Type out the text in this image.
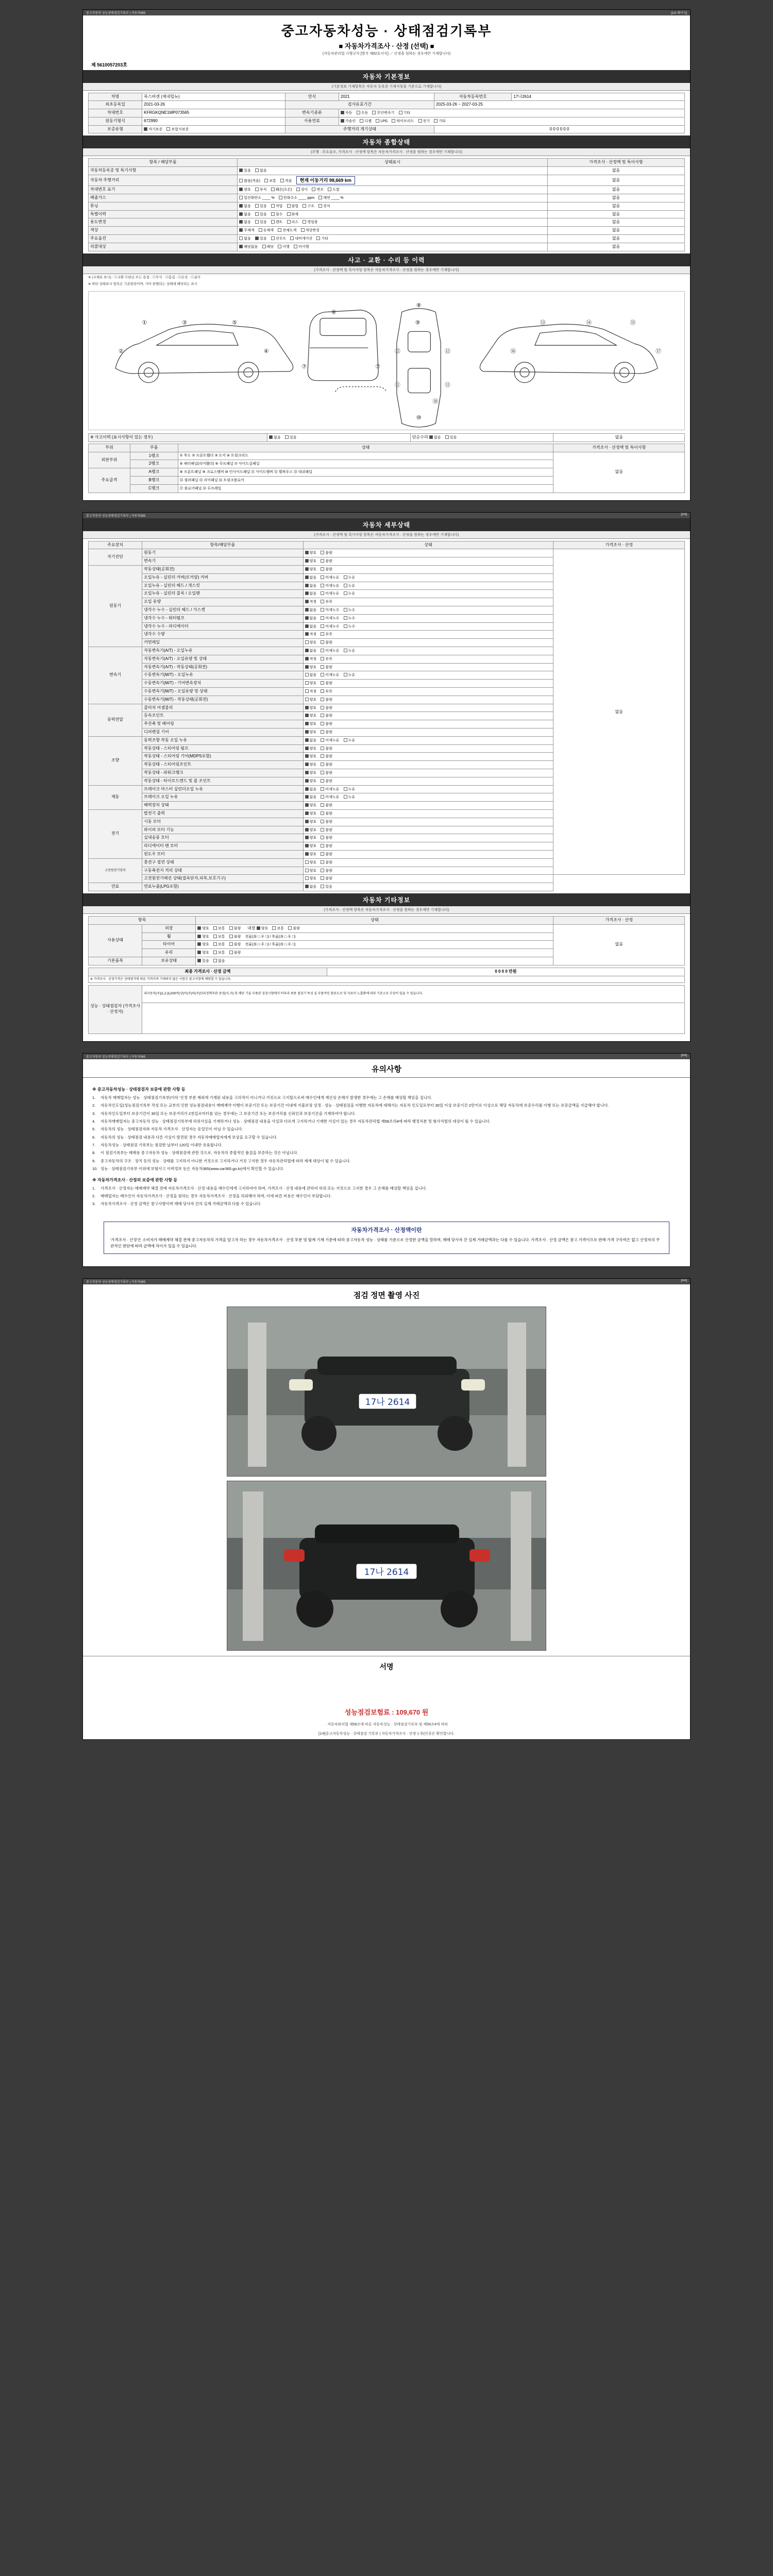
중고자동차 성능상태점검기록부 | 자동차365	[1/4 페이지]
중고자동차성능 · 상태점검기록부
■ 자동차가격조사 · 산정 (선택) ■
(자동차관리법 시행규칙 [별지 제82호서식] ／ 산정을 원하는 경우에만 기재합니다)
제 5610057203호
자동차 기본정보
(기본정보 기재항목은 자동차 등록증 기재사항을 기준으로 기재합니다)
차명	폭스바겐 (제네럴뉴)	연식	2021	자동차등록번호	17나2614
최초등록일	2021-03-26	검사유효기간		2025-03-26 ~ 2027-03-25	
차대번호	KFRGKQNE1MP073565	변속기종류	자동 수동 무단변속기 기타		
원동기형식	672990	사용연료	가솔린 디젤 LPG 하이브리드 전기 기타		
보증유형	자기보증 보험사보증	주행거리 계기상태		0 0 0 0 0 0	
자동차 종합상태
(주행 · 주요골조, 가격조사 · 산정액 항목은 자동차가격조사 · 산정을 원하는 경우에만 기재합니다)
항목 / 해당부품	상태표시	가격조사 · 산정액 및 특이사항
자동차등록증 및 특기사항	있음 없음	없음
자동차 주행거리	많음(적음) 보통 적음 현재 이동거리 98,669 km	없음
차대번호 표기	양호 부식 훼손(오손) 상이 변조 도말	없음
배출가스	일산화탄소 ____ % 탄화수소 ____ ppm 매연 ____ %	없음
튜닝	없음 있음 적법 불법 구조 장치	없음
특별이력	없음 있음 침수 화재	없음
용도변경	없음 있음 렌트 리스 영업용	없음
색상	무채색 유채색 전체도색 색상변경	없음
주요옵션	없음 있음 선루프 내비게이션 기타	없음
리콜대상	해당없음 해당 이행 미이행	없음
사고 · 교환 · 수리 등 이력
(가격조사 · 산정액 및 특이사항 항목은 자동차가격조사 · 산정을 원하는 경우에만 기재합니다)
※ (교체료 표시) : ⓧ교환 ⓦ판금 또는 용접 · ⓒ부식 · ⓐ흠집 · ⓤ손상 · ⓒ굴곡
※ 하단 상태표시 항목은 기준판단이며, 기타 판별되는 상태에 해당되는 표시
①	③	⑤
②	④
⑥
⑦	⑦
⑧
⑩
⑫	⑫
⑪	⑪
⑬	⑭	⑮
⑯	⑰
⑨
⑱
※ 사고이력 (표시사항이 있는 경우)	없음 있음	단순수리 없음 있음	없음
부위	부품	상태	가격조사 · 산정액 및 특이사항
외판부위	1랭크	① 후드 ② 프론트휀더 ③ 도어 ④ 트렁크리드	없음
	2랭크	⑤ 쿼터패널(리어휀더) ⑥ 루프패널 ⑦ 사이드실패널	
주요골격	A랭크	⑧ 프론트패널 ⑨ 크로스멤버 ⑩ 인사이드패널 ⑪ 사이드멤버 ⑫ 휠하우스 ⑬ 대쉬패널	
	B랭크	⑭ 필러패널 ⑮ 리어패널 ⑯ 트렁크플로어	
	C랭크	⑰ 플로어패널 ⑱ 루프레일	
중고자동차 성능상태점검기록부 | 자동차365	[2/4]
자동차 세부상태
(가격조사 · 산정액 및 특이사항 항목은 자동차가격조사 · 산정을 원하는 경우에만 기재합니다)
주요장치	항목/해당부품	상태	가격조사 · 산정
자기진단	원동기	양호 불량	없음
	변속기	양호 불량	
원동기	작동상태(공회전)	양호 불량	
	오일누유 - 실린더 커버(로커암) 커버	없음 미세누유 누유	
	오일누유 - 실린더 헤드 / 개스킷	없음 미세누유 누유	
	오일누유 - 실린더 블록 / 오일팬	없음 미세누유 누유	
	오일 유량	적정 부족	
	냉각수 누수 - 실린더 헤드 / 가스켓	없음 미세누수 누수	
	냉각수 누수 - 워터펌프	없음 미세누수 누수	
	냉각수 누수 - 라디에이터	없음 미세누수 누수	
	냉각수 수량	적정 부족	
	커먼레일	양호 불량	
변속기	자동변속기(A/T) - 오일누유	없음 미세누유 누유	
	자동변속기(A/T) - 오일유량 및 상태	적정 부족	
	자동변속기(A/T) - 작동상태(공회전)	양호 불량	
	수동변속기(M/T) - 오일누유	없음 미세누유 누유	
	수동변속기(M/T) - 기어변속장치	양호 불량	
	수동변속기(M/T) - 오일유량 및 상태	적정 부족	
	수동변속기(M/T) - 작동상태(공회전)	양호 불량	
동력전달	클러치 어셈블리	양호 불량	
	등속조인트	양호 불량	
	추진축 및 베어링	양호 불량	
	디퍼렌셜 기어	양호 불량	
조향	동력조향 작동 오일 누유	없음 미세누유 누유	
	작동상태 - 스티어링 펌프	양호 불량	
	작동상태 - 스티어링 기어(MDPS포함)	양호 불량	
	작동상태 - 스티어링조인트	양호 불량	
	작동상태 - 파워크랭크	양호 불량	
	작동상태 - 타이로드엔드 및 볼 조인트	양호 불량	
제동	브레이크 마스터 실린더오일 누유	없음 미세누유 누유	
	브레이크 오일 누유	없음 미세누유 누유	
	배력장치 상태	양호 불량	
전기	발전기 출력	양호 불량	
	시동 모터	양호 불량	
	와이퍼 모터 기능	양호 불량	
	실내송풍 모터	양호 불량	
	라디에이터 팬 모터	양호 불량	
	윈도우 모터	양호 불량	
고전원전기장치	충전구 절연 상태	양호 불량	
	구동축전지 격리 상태	양호 불량	
	고전원전기배선 상태(접속단자,피복,보호기구)	양호 불량	
연료	연료누출(LPG포함)	없음 있음	
자동차 기타정보
(가격조사 · 산정액 항목은 자동차가격조사 · 산정을 원하는 경우에만 기재합니다)
항목		상태	가격조사 · 산정
사용상태	외장	양호 보통 불량 내장 양호 보통 불량	없음
	휠	양호 보통 불량 전륜(좌 □ 우 □) / 후륜(좌 □ 우 □)	
	타이어	양호 보통 불량 전륜(좌 □ 우 □) / 후륜(좌 □ 우 □)	
	유리	양호 보통 불량	
기본품목	보유상태	있음 없음	
최종 가격조사 · 산정 금액	0 0 0 0 만원
※ 가격조사 · 산정가격은 상태평가에 따른 가격이며 기재하지 않은 사항은 참고사항에 해당할 수 있습니다.
성능 · 상태점검자 (가격조사 · 산정자)	내자동차(주)(1,2,3),000여(상)아(주)하(주)단위정책주관·중점(사,자) 및 해단 기술 부품관 검검시험에서 비파괴 최종 점검기 특성 실 부품적인 완료도로 및 자료이 노흡화에 따라 기존소로 부상이 있을 수 있습니다.

중고자동차 성능상태점검기록부 | 자동차365	[3/4]
유의사항
※ 중고자동차성능 · 상태점검자 보증에 관한 사항 등
1.	자동차 매매업자는 성능 · 상태점검기록부(이하 '산정 부분 제외에 기재된 내용을 고의적이 아니거나 거짓으로 고지할으로써 매수인에게 재산상 손해가 발생한 경우에는 그 손해를 배상할 책임을 집니다.
2.	자동차인도일(성능점검기록부 작성 또는 교부의 인한 성능점검내용이 매매계약 이행이 보증기간 또는 보증기간 이내에 지불보장 설정 · 성능 · 상태점검을 이행한 자동차에 대해서는 자동차 인도일로부터 30일 이상 보증기간 2만키로 이상으로 해당 자동차에 보증수리를 이행 또는 보증금액을 지급해야 합니다.
3.	자동차인도일부터 보증기간이 30일 또는 보증거리가 2천킬로미터를 넘는 경우에는 그 보증기간 또는 보증거리를 신뢰인과 보증기간을 기재하여야 합니다.
4.	자동차매매업자는 중고자동차 성능 · 상태점검기록부에 허위사실을 기재하거나 성능 · 상태점검 내용을 사실과 다르게 고지하거나 기재한 사실이 있는 경우 자동차관리법 제58조의4에 따라 행정처분 및 형사처벌의 대상이 될 수 있습니다.
5.	자동차의 성능 · 상태점검자와 자동차 가격조사 · 산정자는 동일인이 아닐 수 있습니다.
6.	자동차의 성능 · 상태점검 내용과 다른 사실이 발견된 경우 자동차매매업자에게 보상을 요구할 수 있습니다.
7.	자동차성능 · 상태점검 기록부는 점검한 날부터 120일 이내만 유효합니다.
8.	이 점검기록부는 매매용 중고자동차 성능 · 상태점검에 관한 것으로, 자동차의 종합적인 품질을 보증하는 것은 아닙니다.
9.	중고자동차의 구조 · 장치 등의 성능 · 상태를 고지하지 아니한 거짓으로 고지하거나 거짓 고지한 경우 자동차관리법에 따라 제재 대상이 될 수 있습니다.
10. 성능 · 상태점검기록부 이외에 보험사고 이력정보 등은 자동차365(www.car365.go.kr)에서 확인할 수 있습니다.
※ 자동차가격조사 · 산정의 보증에 관한 사항 등
1.	가격조사 · 산정자는 매매계약 체결 전에 자동차가격조사 · 산정 내용을 매수인에게 고지하여야 하며, 가격조사 · 산정 내용에 관하여 허위 또는 거짓으로 고지한 경우 그 손해를 배상할 책임을 집니다.
2.	매매업자는 매수인이 자동차가격조사 · 산정을 원하는 경우 자동차가격조사 · 산정을 의뢰해야 하며, 이에 따른 비용은 매수인이 부담합니다.
3.	자동차가격조사 · 산정 금액은 참고사항이며 매매 당사자 간의 실제 거래금액과 다를 수 있습니다.
자동차가격조사 · 산정액이란
'가격조사 · 산정'은 소비자가 매매계약 체결 전에 중고자동차의 가격을 알고자 하는 경우 자동차가격조사 · 산정 부분 및 합계 기재 기준에 따라 중고자동차 성능 · 상태를 기준으로 산정한 금액을 말하며, 매매 당사자 간 실제 거래금액과는 다를 수 있습니다. 가격조사 · 산정 금액은 참고 가격이므로 판매 가격 구속력은 없고 산정자의 주관적인 판단에 따라 금액에 차이가 있을 수 있습니다.
중고자동차 성능상태점검기록부 | 자동차365	[4/4]
점검 정면 촬영 사진
17나 2614
17나 2614
서명
성능점검보험료 : 109,670 원
· 자동차관리법 제58조에 따른 자동차성능 · 상태점검기록부 및 제58조4에 따라
[1/4]중고자동차성능 · 상태점검 기록부 | 자동차가격조사 · 산정 1 부(인증은 확인합니다.
